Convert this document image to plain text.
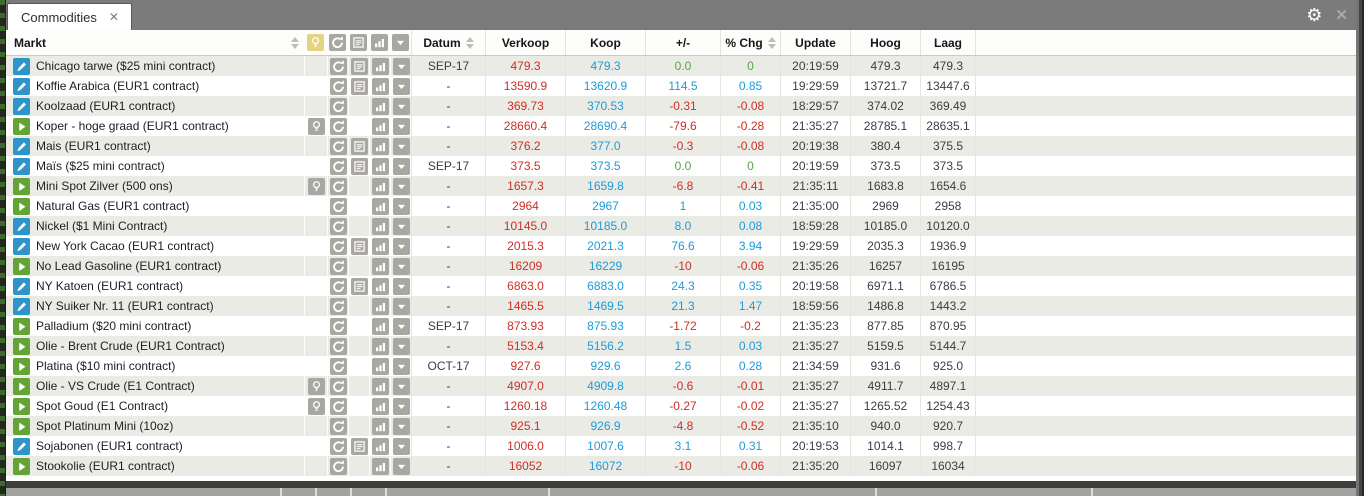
Commodities ✕	⚙ ✕
Markt	Datum	Verkoop	Koop	+/-	% Chg	Update	Hoog	Laag
Chicago tarwe ($25 mini contract)	SEP-17	479.3	479.3	0.0	0	20:19:59	479.3	479.3
Koffie Arabica (EUR1 contract)	-	13590.9	13620.9	114.5	0.85	19:29:59	13721.7	13447.6
Koolzaad (EUR1 contract)	-	369.73	370.53	-0.31	-0.08	18:29:57	374.02	369.49
Koper - hoge graad (EUR1 contract)	-	28660.4	28690.4	-79.6	-0.28	21:35:27	28785.1	28635.1
Mais (EUR1 contract)	-	376.2	377.0	-0.3	-0.08	20:19:38	380.4	375.5
Maïs ($25 mini contract)	SEP-17	373.5	373.5	0.0	0	20:19:59	373.5	373.5
Mini Spot Zilver (500 ons)	-	1657.3	1659.8	-6.8	-0.41	21:35:11	1683.8	1654.6
Natural Gas (EUR1 contract)	-	2964	2967	1	0.03	21:35:00	2969	2958
Nickel ($1 Mini Contract)	-	10145.0	10185.0	8.0	0.08	18:59:28	10185.0	10120.0
New York Cacao (EUR1 contract)	-	2015.3	2021.3	76.6	3.94	19:29:59	2035.3	1936.9
No Lead Gasoline (EUR1 contract)	-	16209	16229	-10	-0.06	21:35:26	16257	16195
NY Katoen (EUR1 contract)	-	6863.0	6883.0	24.3	0.35	20:19:58	6971.1	6786.5
NY Suiker Nr. 11 (EUR1 contract)	-	1465.5	1469.5	21.3	1.47	18:59:56	1486.8	1443.2
Palladium ($20 mini contract)	SEP-17	873.93	875.93	-1.72	-0.2	21:35:23	877.85	870.95
Olie - Brent Crude (EUR1 Contract)	-	5153.4	5156.2	1.5	0.03	21:35:27	5159.5	5144.7
Platina ($10 mini contract)	OCT-17	927.6	929.6	2.6	0.28	21:34:59	931.6	925.0
Olie - VS Crude (E1 Contract)	-	4907.0	4909.8	-0.6	-0.01	21:35:27	4911.7	4897.1
Spot Goud (E1 Contract)	-	1260.18	1260.48	-0.27	-0.02	21:35:27	1265.52	1254.43
Spot Platinum Mini (10oz)	-	925.1	926.9	-4.8	-0.52	21:35:10	940.0	920.7
Sojabonen (EUR1 contract)	-	1006.0	1007.6	3.1	0.31	20:19:53	1014.1	998.7
Stookolie (EUR1 contract)	-	16052	16072	-10	-0.06	21:35:20	16097	16034
